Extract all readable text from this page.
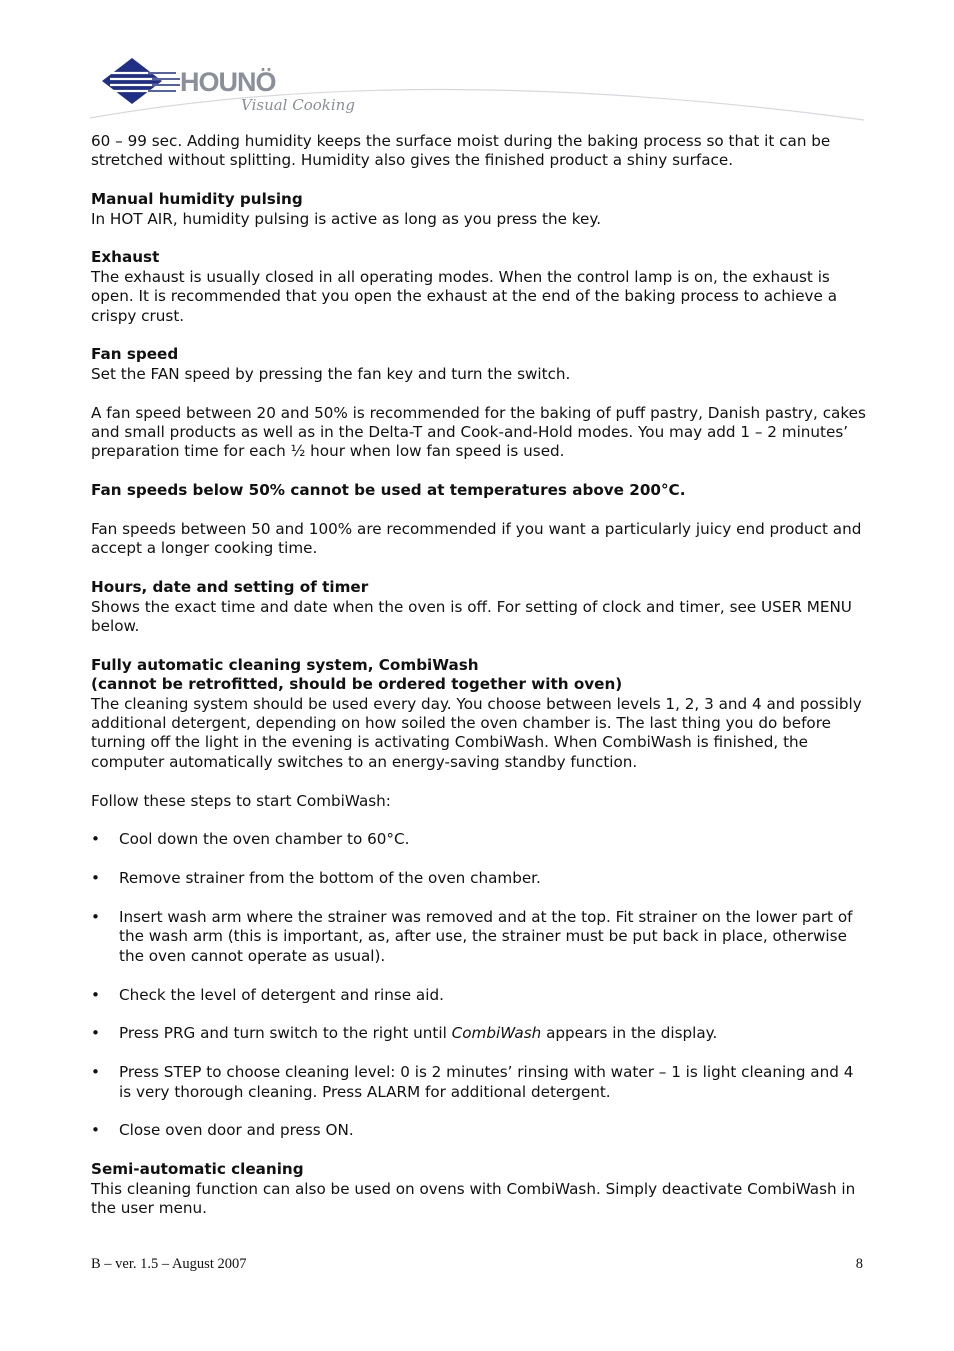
HOUNÖ
Visual Cooking

60 – 99 sec. Adding humidity keeps the surface moist during the baking process so that it can be stretched without splitting. Humidity also gives the finished product a shiny surface.

Manual humidity pulsing

In HOT AIR, humidity pulsing is active as long as you press the key.

Exhaust

The exhaust is usually closed in all operating modes. When the control lamp is on, the exhaust is open. It is recommended that you open the exhaust at the end of the baking process to achieve a crispy crust.

Fan speed

Set the FAN speed by pressing the fan key and turn the switch.

A fan speed between 20 and 50% is recommended for the baking of puff pastry, Danish pastry, cakes and small products as well as in the Delta-T and Cook-and-Hold modes. You may add 1 – 2 minutes’ preparation time for each ½ hour when low fan speed is used.

Fan speeds below 50% cannot be used at temperatures above 200°C.

Fan speeds between 50 and 100% are recommended if you want a particularly juicy end product and accept a longer cooking time.

Hours, date and setting of timer

Shows the exact time and date when the oven is off. For setting of clock and timer, see USER MENU below.

Fully automatic cleaning system, CombiWash
(cannot be retrofitted, should be ordered together with oven)

The cleaning system should be used every day. You choose between levels 1, 2, 3 and 4 and possibly additional detergent, depending on how soiled the oven chamber is. The last thing you do before turning off the light in the evening is activating CombiWash. When CombiWash is finished, the computer automatically switches to an energy-saving standby function.

Follow these steps to start CombiWash:

• Cool down the oven chamber to 60°C.
• Remove strainer from the bottom of the oven chamber.
• Insert wash arm where the strainer was removed and at the top. Fit strainer on the lower part of the wash arm (this is important, as, after use, the strainer must be put back in place, otherwise the oven cannot operate as usual).
• Check the level of detergent and rinse aid.
• Press PRG and turn switch to the right until CombiWash appears in the display.
• Press STEP to choose cleaning level: 0 is 2 minutes’ rinsing with water – 1 is light cleaning and 4 is very thorough cleaning. Press ALARM for additional detergent.
• Close oven door and press ON.
Semi-automatic cleaning

This cleaning function can also be used on ovens with CombiWash. Simply deactivate CombiWash in the user menu.

B – ver. 1.5 – August 2007	8
